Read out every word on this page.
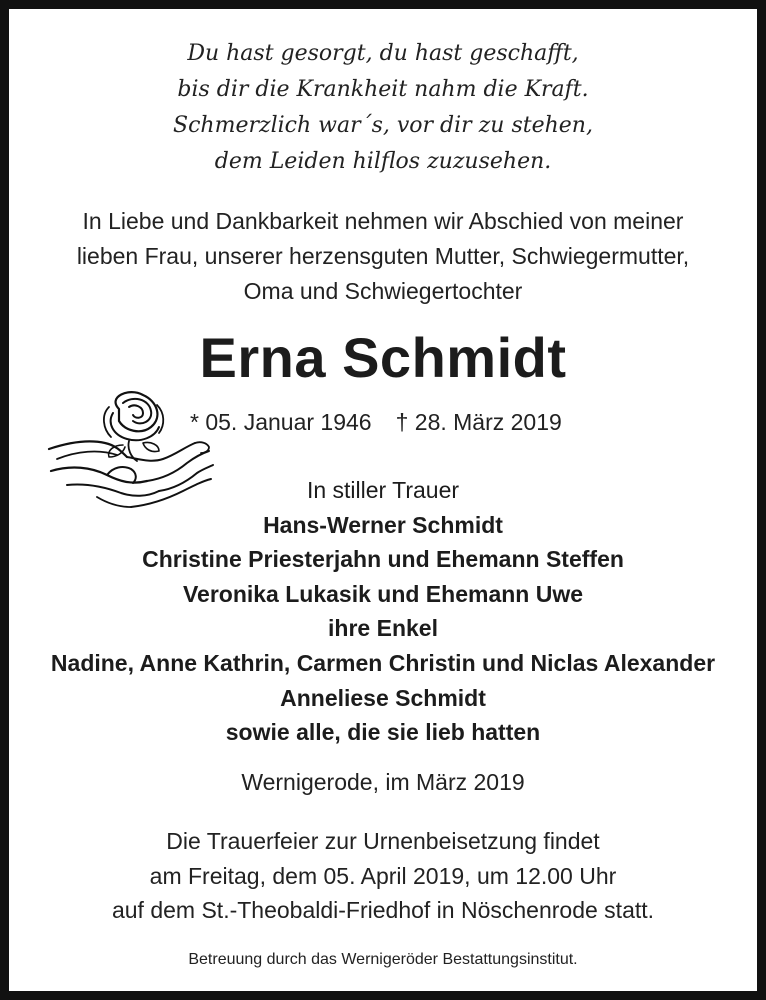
Du hast gesorgt, du hast geschafft,
bis dir die Krankheit nahm die Kraft.
Schmerzlich war´s, vor dir zu stehen,
dem Leiden hilflos zuzusehen.
In Liebe und Dankbarkeit nehmen wir Abschied von meiner
lieben Frau, unserer herzensguten Mutter, Schwiegermutter,
Oma und Schwiegertochter
Erna Schmidt
* 05. Januar 1946 † 28. März 2019
In stiller Trauer
Hans-Werner Schmidt
Christine Priesterjahn und Ehemann Steffen
Veronika Lukasik und Ehemann Uwe
ihre Enkel
Nadine, Anne Kathrin, Carmen Christin und Niclas Alexander
Anneliese Schmidt
sowie alle, die sie lieb hatten
Wernigerode, im März 2019
Die Trauerfeier zur Urnenbeisetzung findet
am Freitag, dem 05. April 2019, um 12.00 Uhr
auf dem St.-Theobaldi-Friedhof in Nöschenrode statt.
Betreuung durch das Wernigeröder Bestattungsinstitut.
